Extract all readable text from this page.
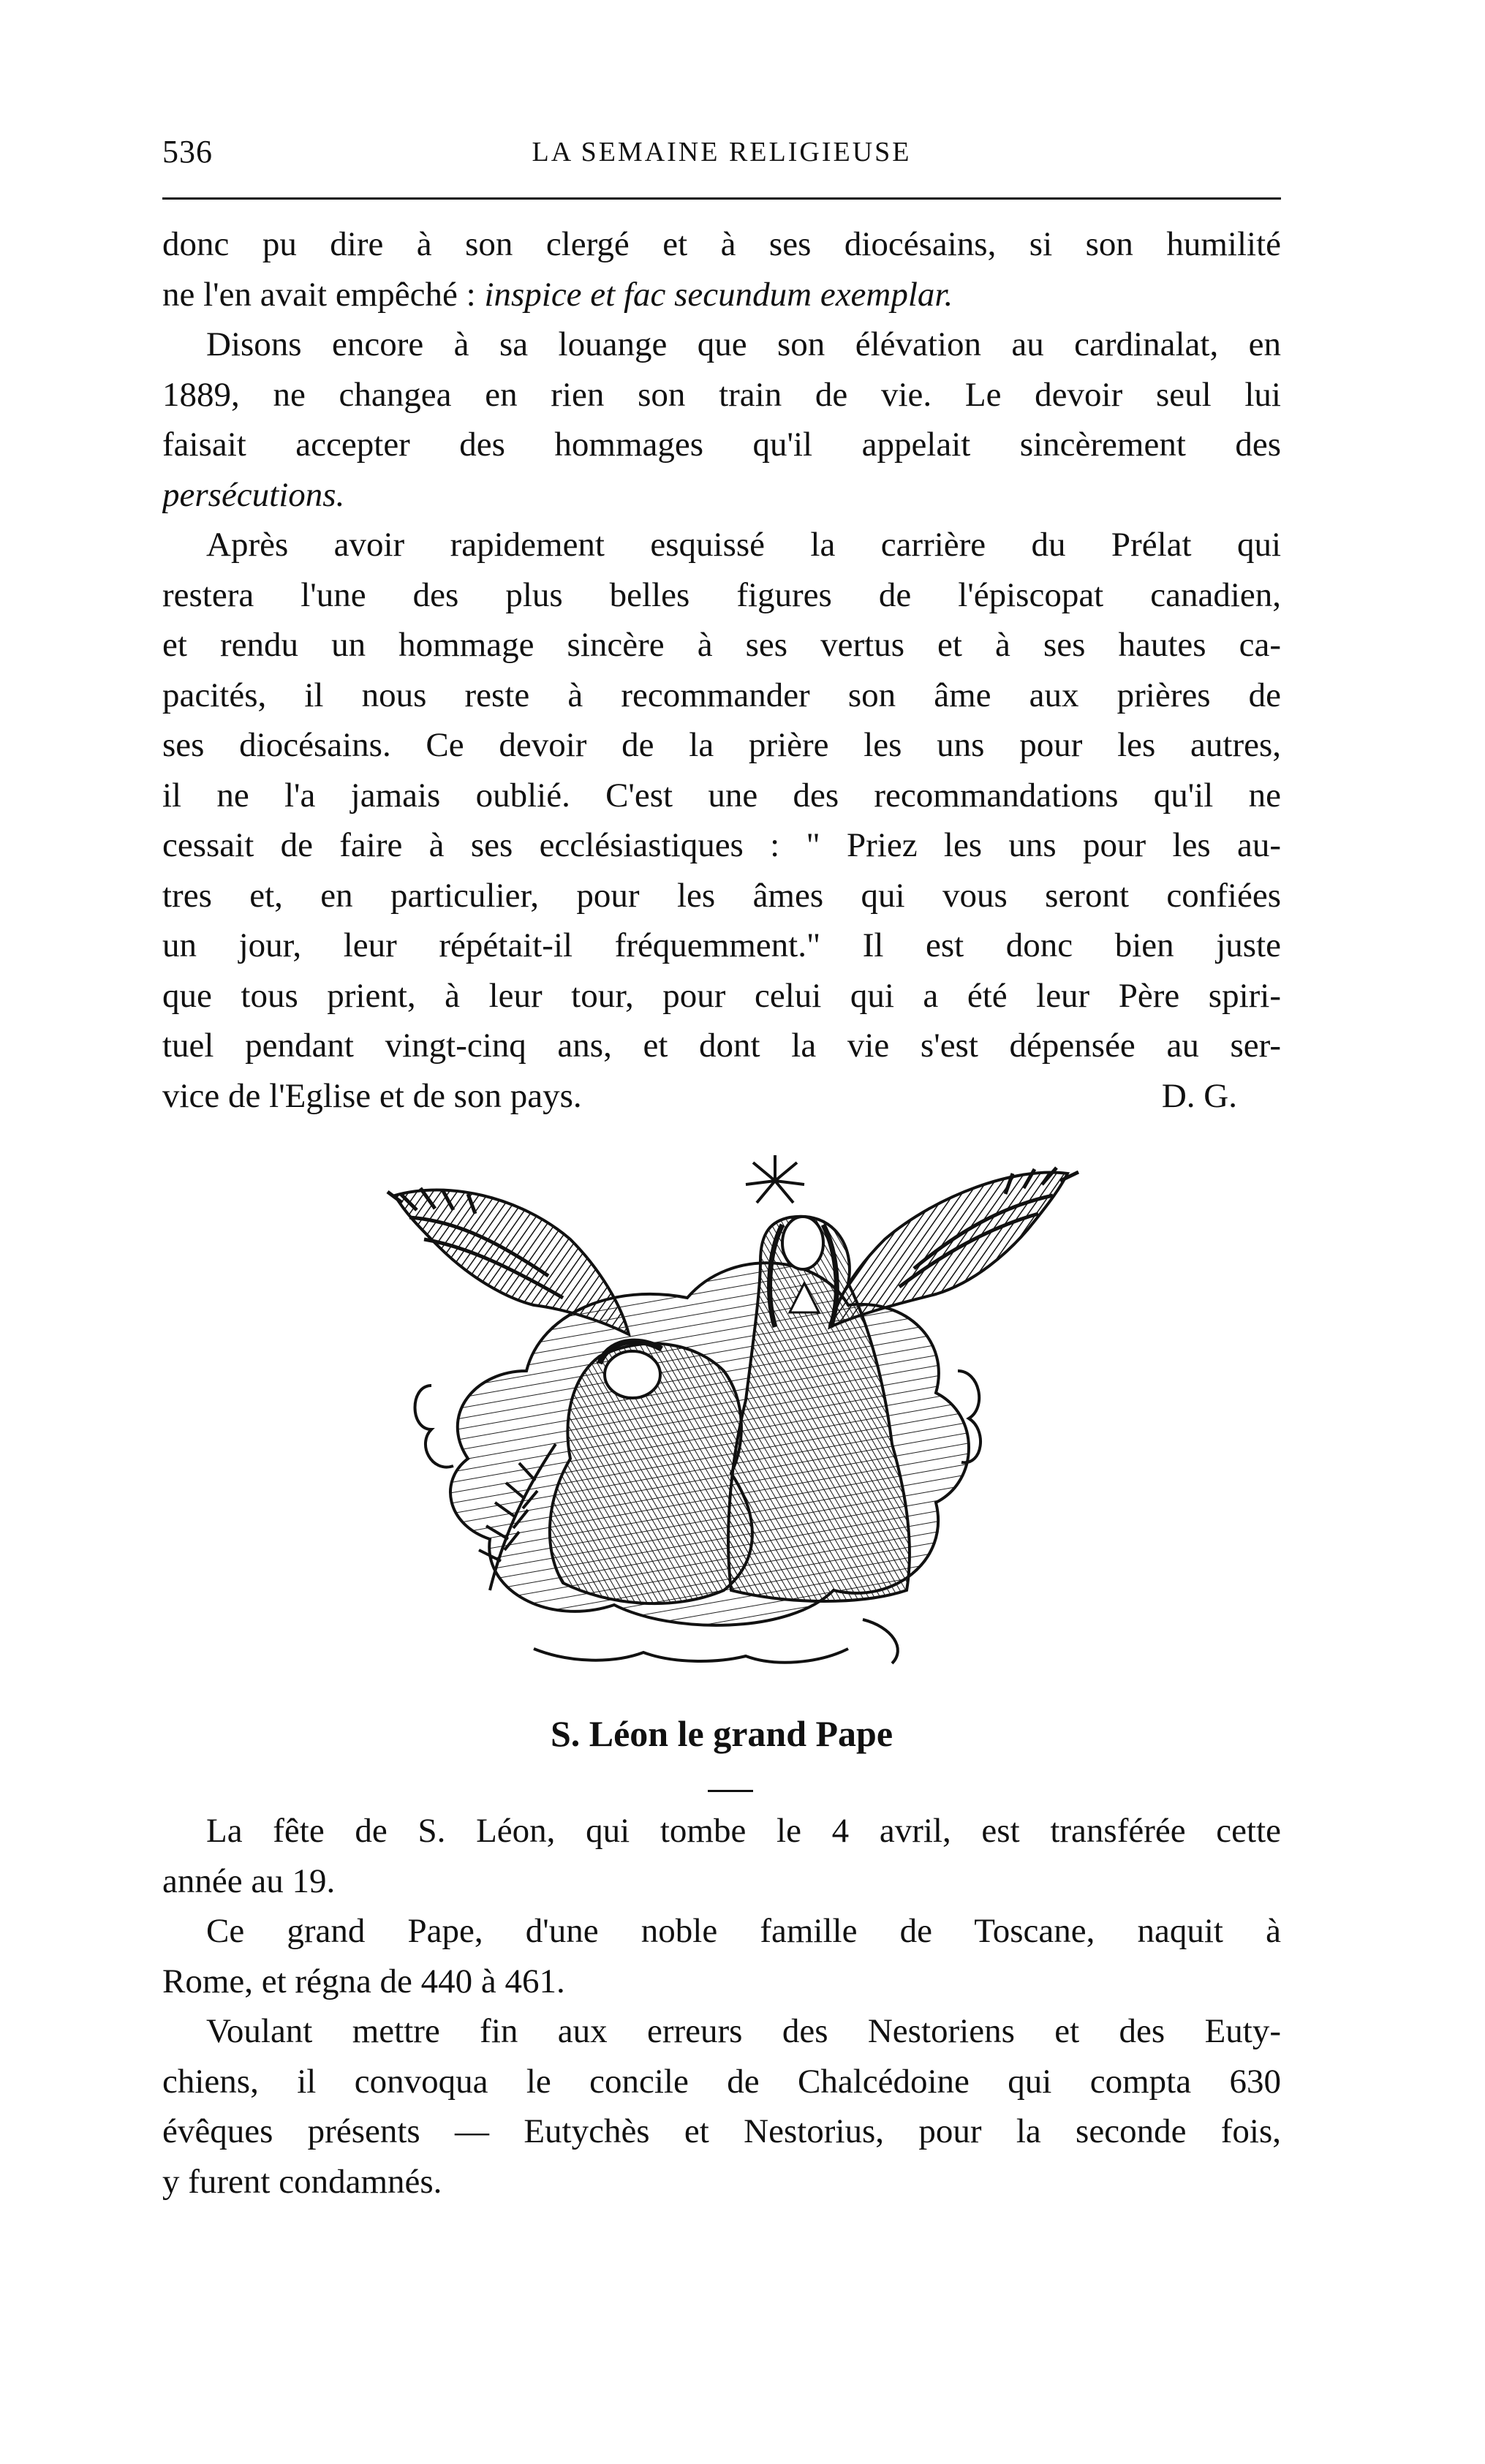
536	LA SEMAINE RELIGIEUSE
donc pu dire à son clergé et à ses diocésains, si son humilité
ne l'en avait empêché : inspice et fac secundum exemplar.
Disons encore à sa louange que son élévation au cardinalat, en
1889, ne changea en rien son train de vie. Le devoir seul lui
faisait accepter des hommages qu'il appelait sincèrement des
persécutions.
Après avoir rapidement esquissé la carrière du Prélat qui
restera l'une des plus belles figures de l'épiscopat canadien,
et rendu un hommage sincère à ses vertus et à ses hautes ca-
pacités, il nous reste à recommander son âme aux prières de
ses diocésains. Ce devoir de la prière les uns pour les autres,
il ne l'a jamais oublié. C'est une des recommandations qu'il ne
cessait de faire à ses ecclésiastiques : " Priez les uns pour les au-
tres et, en particulier, pour les âmes qui vous seront confiées
un jour, leur répétait-il fréquemment." Il est donc bien juste
que tous prient, à leur tour, pour celui qui a été leur Père spiri-
tuel pendant vingt-cinq ans, et dont la vie s'est dépensée au ser-
vice de l'Eglise et de son pays.	D. G.
S. Léon le grand Pape
La fête de S. Léon, qui tombe le 4 avril, est transférée cette
année au 19.
Ce grand Pape, d'une noble famille de Toscane, naquit à
Rome, et régna de 440 à 461.
Voulant mettre fin aux erreurs des Nestoriens et des Euty-
chiens, il convoqua le concile de Chalcédoine qui compta 630
évêques présents — Eutychès et Nestorius, pour la seconde fois,
y furent condamnés.
